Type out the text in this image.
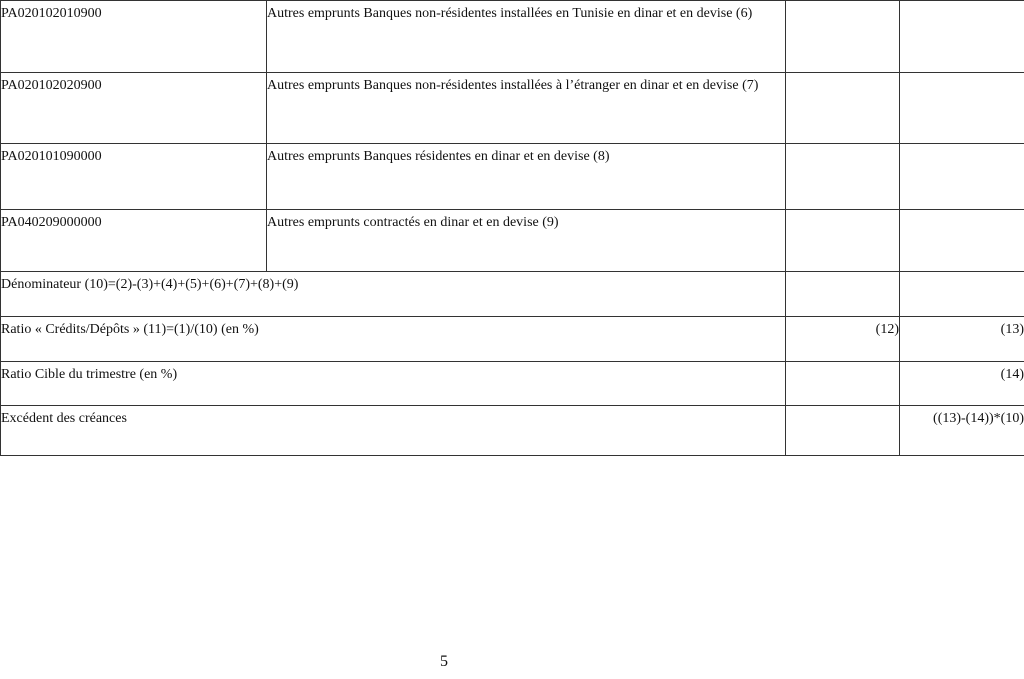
PA020102010900	Autres emprunts Banques non-résidentes installées en Tunisie en dinar et en devise (6)		
PA020102020900	Autres emprunts Banques non-résidentes installées à l’étranger en dinar et en devise (7)		
PA020101090000	Autres emprunts Banques résidentes en dinar et en devise (8)		
PA040209000000	Autres emprunts contractés en dinar et en devise (9)		
Dénominateur (10)=(2)-(3)+(4)+(5)+(6)+(7)+(8)+(9)			
Ratio « Crédits/Dépôts » (11)=(1)/(10) (en %)		(12)	(13)
Ratio Cible du trimestre (en %)			(14)
Excédent des créances			((13)-(14))*(10)
5
